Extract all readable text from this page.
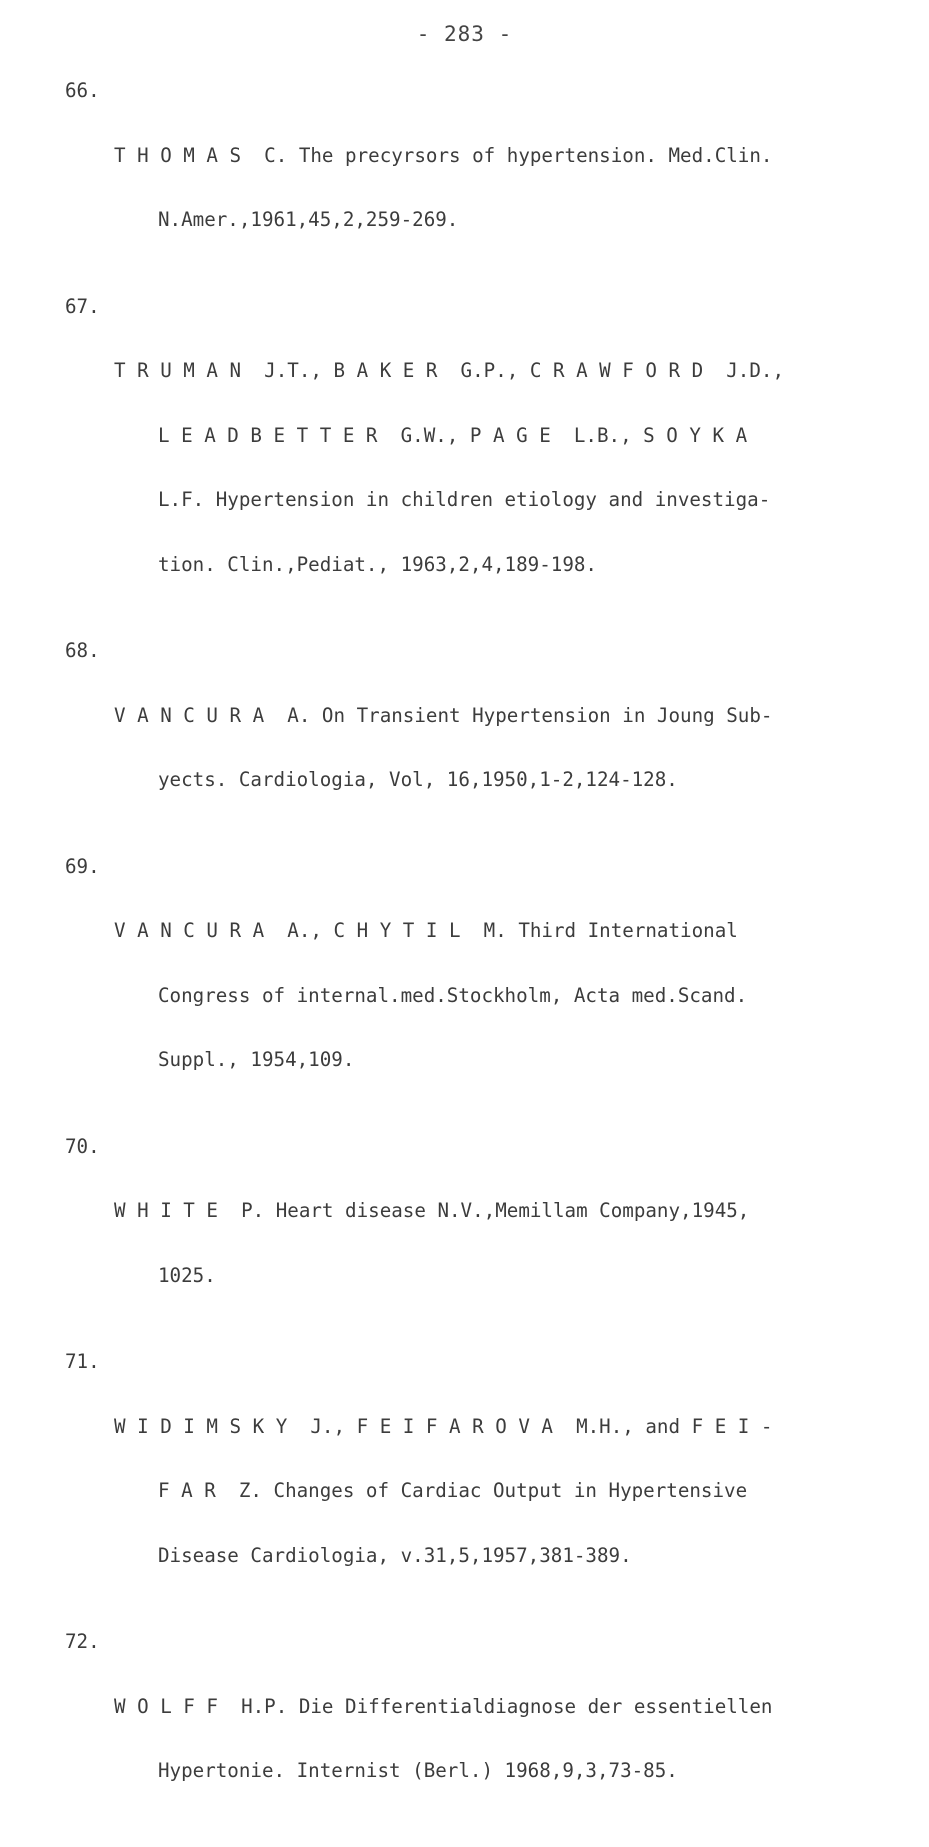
- 283 -

66.

T H O M A S  C. The precyrsors of hypertension. Med.Clin.

N.Amer.,1961,45,2,259-269.

67.

T R U M A N  J.T., B A K E R  G.P., C R A W F O R D  J.D.,

L E A D B E T T E R  G.W., P A G E  L.B., S O Y K A

L.F. Hypertension in children etiology and investiga-

tion. Clin.,Pediat., 1963,2,4,189-198.

68.

V A N C U R A  A. On Transient Hypertension in Joung Sub-

yects. Cardiologia, Vol, 16,1950,1-2,124-128.

69.

V A N C U R A  A., C H Y T I L  M. Third International

Congress of internal.med.Stockholm, Acta med.Scand.

Suppl., 1954,109.

70.

W H I T E  P. Heart disease N.V.,Memillam Company,1945,

1025.

71.

W I D I M S K Y  J., F E I F A R O V A  M.H., and F E I -

F A R  Z. Changes of Cardiac Output in Hypertensive

Disease Cardiologia, v.31,5,1957,381-389.

72.

W O L F F  H.P. Die Differentialdiagnose der essentiellen

Hypertonie. Internist (Berl.) 1968,9,3,73-85.
